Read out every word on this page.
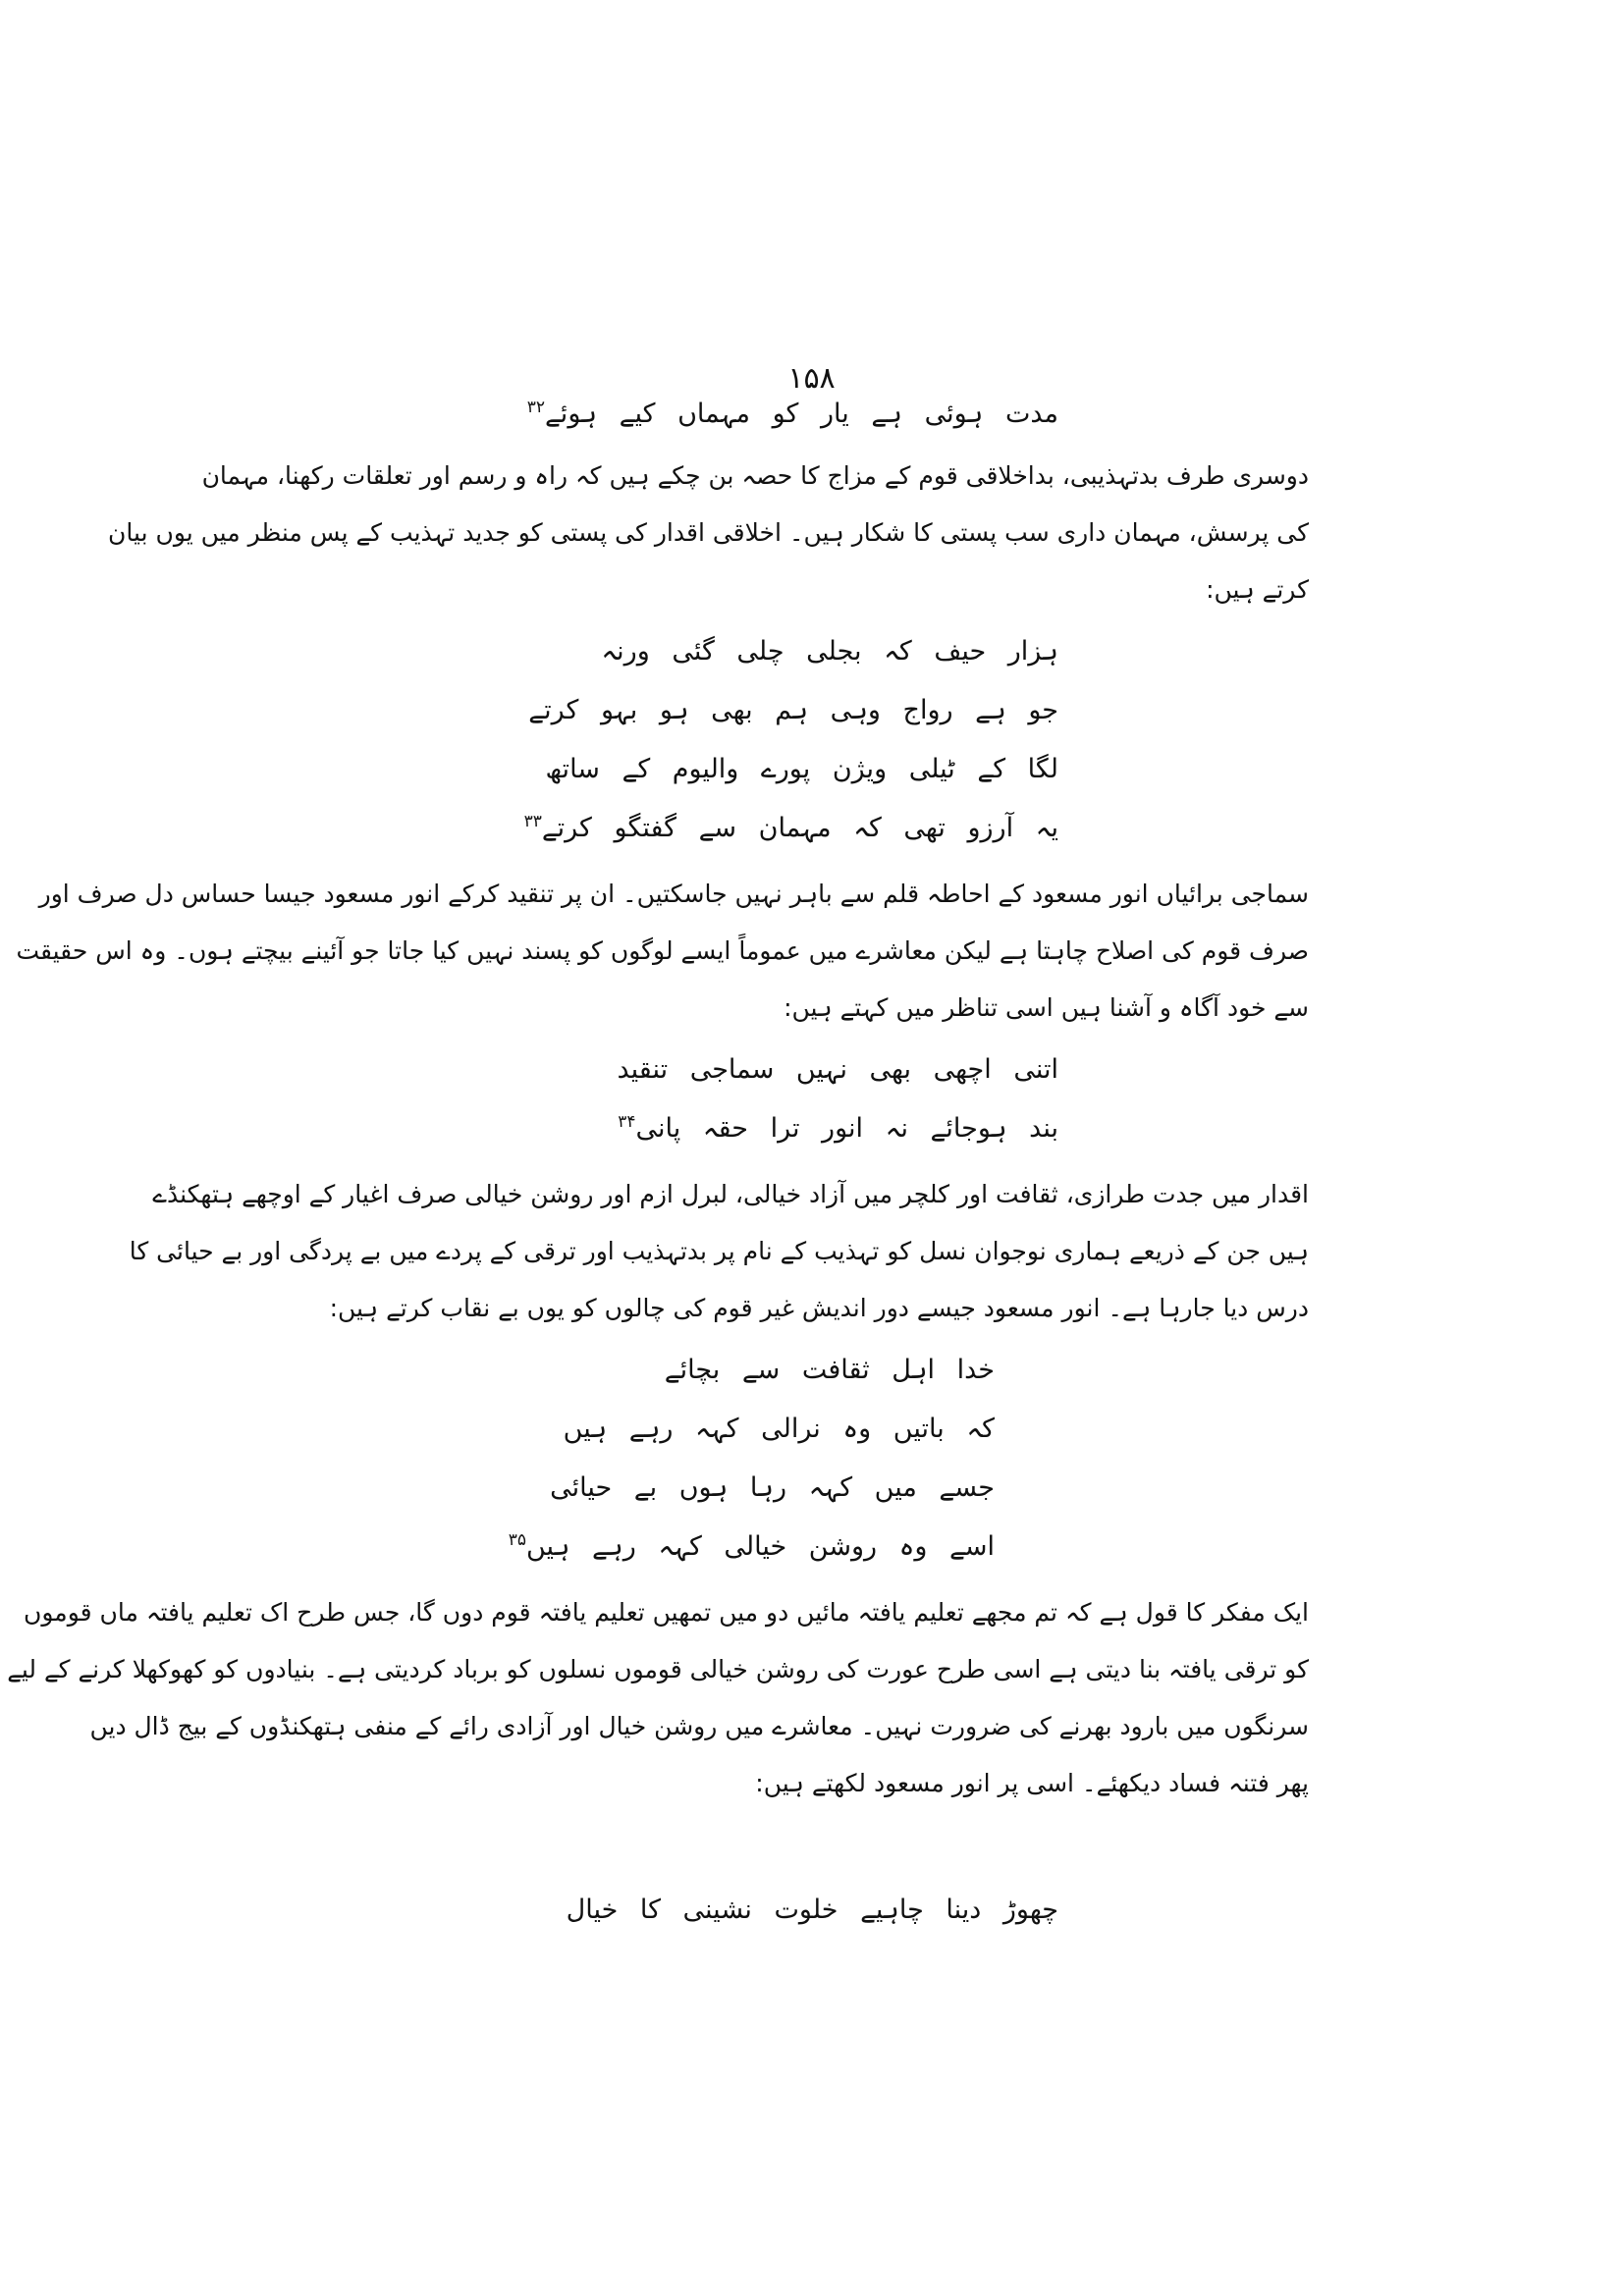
۱۵۸
مدت ہوئی ہے یار کو مہماں کیے ہوئے$^{۳۲}$
دوسری طرف بدتہذیبی، بداخلاقی قوم کے مزاج کا حصہ بن چکے ہیں کہ راہ و رسم اور تعلقات رکھنا، مہمان
کی پرسش، مہمان داری سب پستی کا شکار ہیں۔ اخلاقی اقدار کی پستی کو جدید تہذیب کے پس منظر میں یوں بیان
کرتے ہیں:
ہزار حیف کہ بجلی چلی گئی ورنہ
جو ہے رواج وہی ہم بھی ہو بہو کرتے
لگا کے ٹیلی ویژن پورے والیوم کے ساتھ
یہ آرزو تھی کہ مہمان سے گفتگو کرتے$^{۳۳}$
سماجی برائیاں انور مسعود کے احاطہ قلم سے باہر نہیں جاسکتیں۔ ان پر تنقید کرکے انور مسعود جیسا حساس دل صرف اور
صرف قوم کی اصلاح چاہتا ہے لیکن معاشرے میں عموماً ایسے لوگوں کو پسند نہیں کیا جاتا جو آئینے بیچتے ہوں۔ وہ اس حقیقت
سے خود آگاہ و آشنا ہیں اسی تناظر میں کہتے ہیں:
اتنی اچھی بھی نہیں سماجی تنقید
بند ہوجائے نہ انور ترا حقہ پانی$^{۳۴}$
اقدار میں جدت طرازی، ثقافت اور کلچر میں آزاد خیالی، لبرل ازم اور روشن خیالی صرف اغیار کے اوچھے ہتھکنڈے
ہیں جن کے ذریعے ہماری نوجوان نسل کو تہذیب کے نام پر بدتہذیب اور ترقی کے پردے میں بے پردگی اور بے حیائی کا
درس دیا جارہا ہے۔ انور مسعود جیسے دور اندیش غیر قوم کی چالوں کو یوں بے نقاب کرتے ہیں:
خدا اہل ثقافت سے بچائے
کہ باتیں وہ نرالی کہہ رہے ہیں
جسے میں کہہ رہا ہوں بے حیائی
اسے وہ روشن خیالی کہہ رہے ہیں$^{۳۵}$
ایک مفکر کا قول ہے کہ تم مجھے تعلیم یافتہ مائیں دو میں تمھیں تعلیم یافتہ قوم دوں گا، جس طرح اک تعلیم یافتہ ماں قوموں
کو ترقی یافتہ بنا دیتی ہے اسی طرح عورت کی روشن خیالی قوموں نسلوں کو برباد کردیتی ہے۔ بنیادوں کو کھوکھلا کرنے کے لیے
سرنگوں میں بارود بھرنے کی ضرورت نہیں۔ معاشرے میں روشن خیال اور آزادی رائے کے منفی ہتھکنڈوں کے بیج ڈال دیں
پھر فتنہ فساد دیکھئے۔ اسی پر انور مسعود لکھتے ہیں:
چھوڑ دینا چاہیے خلوت نشینی کا خیال
